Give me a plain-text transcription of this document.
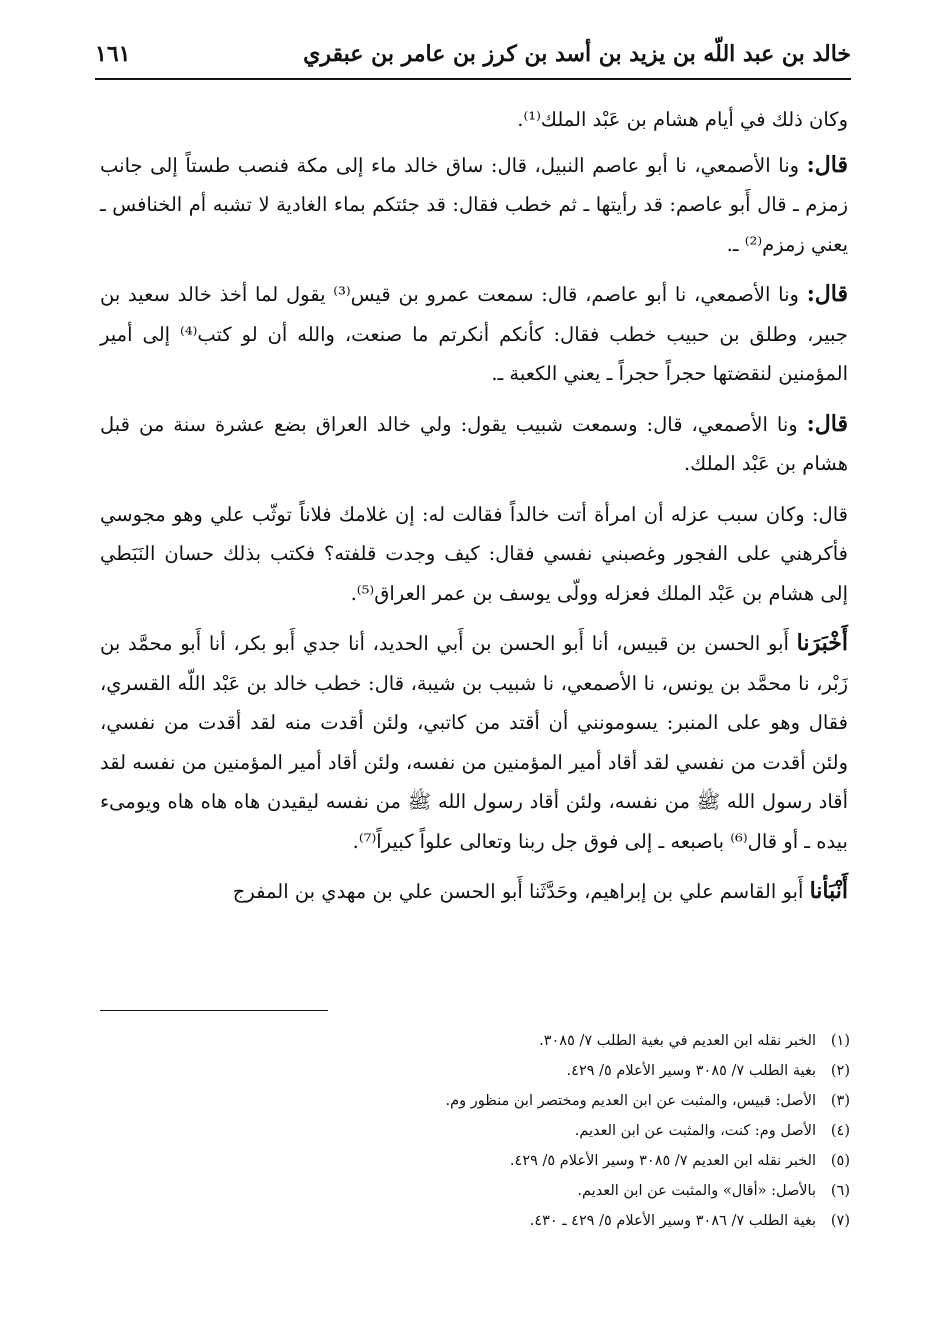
خالد بن عبد اللّه بن يزيد بن أسد بن كرز بن عامر بن عبقري
١٦١

وكان ذلك في أيام هشام بن عَبْد الملك⁽¹⁾.

قال: ونا الأصمعي، نا أبو عاصم النبيل، قال: ساق خالد ماء إلى مكة فنصب طستاً إلى جانب زمزم ـ قال أَبو عاصم: قد رأيتها ـ ثم خطب فقال: قد جئتكم بماء الغادية لا تشبه أم الخنافس ـ يعني زمزم⁽²⁾ ـ.

قال: ونا الأصمعي، نا أبو عاصم، قال: سمعت عمرو بن قيس⁽³⁾ يقول لما أخذ خالد سعيد بن جبير، وطلق بن حبيب خطب فقال: كأنكم أنكرتم ما صنعت، والله أن لو كتب⁽⁴⁾ إلى أمير المؤمنين لنقضتها حجراً حجراً ـ يعني الكعبة ـ.

قال: ونا الأصمعي، قال: وسمعت شبيب يقول: ولي خالد العراق بضع عشرة سنة من قبل هشام بن عَبْد الملك.

قال: وكان سبب عزله أن امرأة أتت خالداً فقالت له: إن غلامك فلاناً توثّب علي وهو مجوسي فأكرهني على الفجور وغصبني نفسي فقال: كيف وجدت قلفته؟ فكتب بذلك حسان النَبَطي إلى هشام بن عَبْد الملك فعزله وولّى يوسف بن عمر العراق⁽⁵⁾.

أَخْبَرَنا أَبو الحسن بن قبيس، أنا أَبو الحسن بن أَبي الحديد، أنا جدي أَبو بكر، أنا أَبو محمَّد بن زَبْر، نا محمَّد بن يونس، نا الأصمعي، نا شبيب بن شيبة، قال: خطب خالد بن عَبْد اللّه القسري، فقال وهو على المنبر: يسومونني أن أقتد من كاتبي، ولئن أقدت منه لقد أقدت من نفسي، ولئن أقدت من نفسي لقد أقاد أمير المؤمنين من نفسه، ولئن أقاد أمير المؤمنين من نفسه لقد أقاد رسول الله ﷺ من نفسه، ولئن أقاد رسول الله ﷺ من نفسه ليقيدن هاه هاه هاه ويومىء بيده ـ أو قال⁽⁶⁾ باصبعه ـ إلى فوق جل ربنا وتعالى علواً كبيراً⁽⁷⁾.

أَنْبَأنا أَبو القاسم علي بن إبراهيم، وحَدَّثَنا أَبو الحسن علي بن مهدي بن المفرج

(١)
الخبر نقله ابن العديم في بغية الطلب ٧/ ٣٠٨٥.
(٢)
بغية الطلب ٧/ ٣٠٨٥ وسير الأعلام ٥/ ٤٢٩.
(٣)
الأصل: قبيس، والمثبت عن ابن العديم ومختصر ابن منظور وم.
(٤)
الأصل وم: كنت، والمثبت عن ابن العديم.
(٥)
الخبر نقله ابن العديم ٧/ ٣٠٨٥ وسير الأعلام ٥/ ٤٢٩.
(٦)
بالأصل: «أقال» والمثبت عن ابن العديم.
(٧)
بغية الطلب ٧/ ٣٠٨٦ وسير الأعلام ٥/ ٤٢٩ ـ ٤٣٠.
